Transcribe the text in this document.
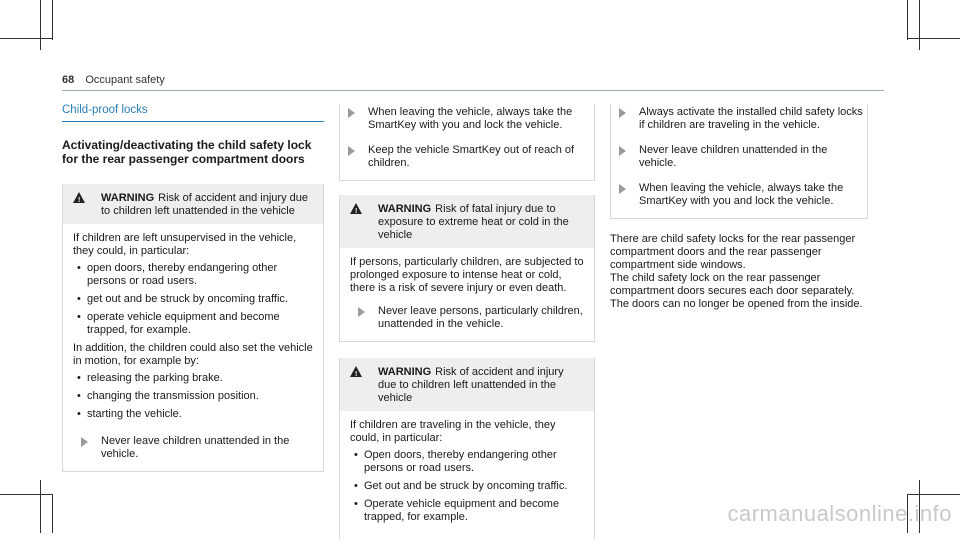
68 Occupant safety
Child-proof locks
Activating/deactivating the child safety lock for the rear passenger compartment doors
! WARNING Risk of accident and injury due to children left unattended in the vehicle

If children are left unsupervised in the vehicle, they could, in particular:

• open doors, thereby endangering other persons or road users.
• get out and be struck by oncoming traffic.
• operate vehicle equipment and become trapped, for example.

In addition, the children could also set the vehicle in motion, for example by:

• releasing the parking brake.
• changing the transmission position.
• starting the vehicle.
Never leave children unattended in the vehicle.
When leaving the vehicle, always take the SmartKey with you and lock the vehicle.
Keep the vehicle SmartKey out of reach of children.
! WARNING Risk of fatal injury due to exposure to extreme heat or cold in the vehicle

If persons, particularly children, are subjected to prolonged exposure to intense heat or cold, there is a risk of severe injury or even death.

Never leave persons, particularly children, unattended in the vehicle.
! WARNING Risk of accident and injury due to children left unattended in the vehicle

If children are traveling in the vehicle, they could, in particular:

• Open doors, thereby endangering other persons or road users.
• Get out and be struck by oncoming traffic.
• Operate vehicle equipment and become trapped, for example.
Always activate the installed child safety locks if children are traveling in the vehicle.
Never leave children unattended in the vehicle.
When leaving the vehicle, always take the SmartKey with you and lock the vehicle.

There are child safety locks for the rear passenger compartment doors and the rear passenger compartment side windows.

The child safety lock on the rear passenger compartment doors secures each door separately.

The doors can no longer be opened from the inside.

carmanualsonline.info
